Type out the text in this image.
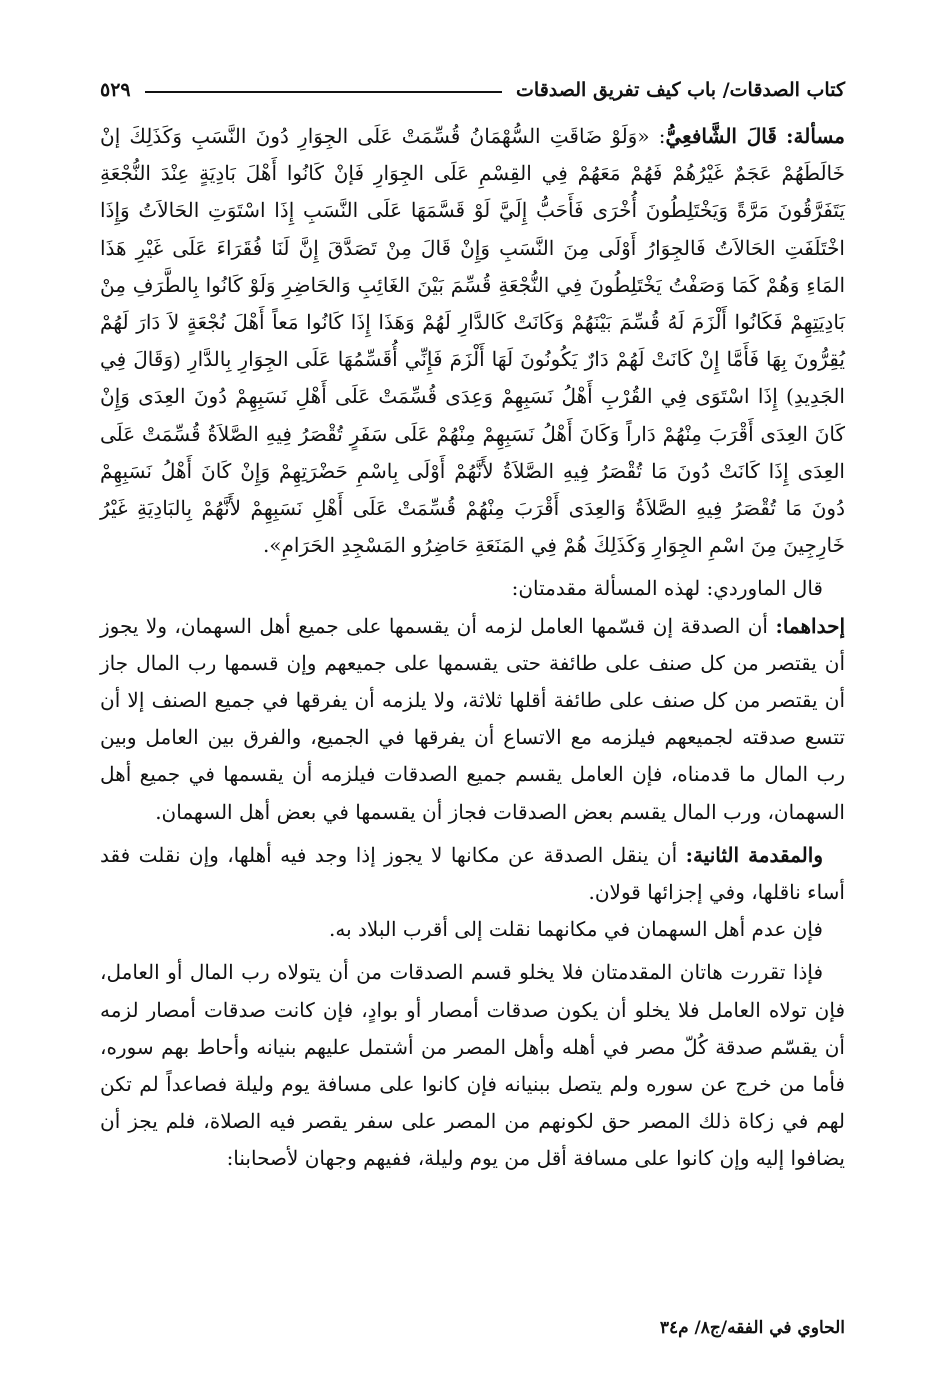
كتاب الصدقات/ باب كيف تفريق الصدقات
٥٢٩

مسألة: قَالَ الشَّافعِيُّ: «وَلَوْ ضَاقَتِ السُّهْمَانُ قُسِّمَتْ عَلَى الجِوَارِ دُونَ النَّسَبِ وَكَذَلِكَ إنْ خَالَطَهُمْ عَجَمٌ غَيْرُهُمْ فَهُمْ مَعَهُمْ فِي القِسْمِ عَلَى الجِوَارِ فَإنْ كَانُوا أَهْلَ بَادِيَةٍ عِنْدَ النُّجْعَةِ يَتَفَرَّقُونَ مَرَّةً وَيَخْتَلِطُونَ أُخْرَى فَأَحَبُّ إِلَيَّ لَوْ قَسَّمَهَا عَلَى النَّسَبِ إِذَا اسْتَوَتِ الحَالاَتُ وَإِذَا اخْتَلَفَتِ الحَالاَتُ فَالجِوَارُ أَوْلَى مِنَ النَّسَبِ وَإِنْ قَالَ مِنْ تَصَدَّقَ إِنَّ لَنَا فُقَرَاءَ عَلَى غَيْرِ هَذَا المَاءِ وَهُمْ كَمَا وَصَفْتُ يَخْتَلِطُونَ فِي النُّجْعَةِ قُسِّمَ بَيْنَ الغَائِبِ وَالحَاضِرِ وَلَوْ كَانُوا بِالطَّرَفِ مِنْ بَادِيَتِهِمْ فَكَانُوا أَلْزَمَ لَهُ قُسِّمَ بَيْنَهُمْ وَكَانَتْ كَالدَّارِ لَهُمْ وَهَذَا إِذَا كَانُوا مَعاً أَهْلَ نُجْعَةٍ لاَ دَارَ لَهُمْ يُقِرُّونَ بِهَا فَأَمَّا إِنْ كَانَتْ لَهُمْ دَارٌ يَكُونُونَ لَهَا أَلْزَمَ فَإِنِّي أُقَسِّمُهَا عَلَى الجِوَارِ بِالدَّارِ (وَقَالَ فِي الجَدِيدِ) إِذَا اسْتَوَى فِي القُرْبِ أَهْلُ نَسَبِهِمْ وَعِدَى قُسِّمَتْ عَلَى أَهْلِ نَسَبِهِمْ دُونَ العِدَى وَإِنْ كَانَ العِدَى أَقْرَبَ مِنْهُمْ دَاراً وَكَانَ أَهْلُ نَسَبِهِمْ مِنْهُمْ عَلَى سَفَرٍ تُقْصَرُ فِيهِ الصَّلاَةُ قُسِّمَتْ عَلَى العِدَى إِذَا كَانَتْ دُونَ مَا تُقْصَرُ فِيهِ الصَّلاَةُ لأَنَّهُمْ أَوْلَى بِاسْمِ حَضْرَتِهِمْ وَإِنْ كَانَ أَهْلُ نَسَبِهِمْ دُونَ مَا تُقْصَرُ فِيهِ الصَّلاَةُ وَالعِدَى أَقْرَبَ مِنْهُمْ قُسِّمَتْ عَلَى أَهْلِ نَسَبِهِمْ لأَنَّهُمْ بِالبَادِيَةِ غَيْرُ خَارِجِينَ مِنَ اسْمِ الجِوَارِ وَكَذَلِكَ هُمْ فِي المَنَعَةِ حَاضِرُو المَسْجِدِ الحَرَامِ».

قال الماوردي: لهذه المسألة مقدمتان:

إحداهما: أن الصدقة إن قسّمها العامل لزمه أن يقسمها على جميع أهل السهمان، ولا يجوز أن يقتصر من كل صنف على طائفة حتى يقسمها على جميعهم وإن قسمها رب المال جاز أن يقتصر من كل صنف على طائفة أقلها ثلاثة، ولا يلزمه أن يفرقها في جميع الصنف إلا أن تتسع صدقته لجميعهم فيلزمه مع الاتساع أن يفرقها في الجميع، والفرق بين العامل وبين رب المال ما قدمناه، فإن العامل يقسم جميع الصدقات فيلزمه أن يقسمها في جميع أهل السهمان، ورب المال يقسم بعض الصدقات فجاز أن يقسمها في بعض أهل السهمان.

والمقدمة الثانية: أن ينقل الصدقة عن مكانها لا يجوز إذا وجد فيه أهلها، وإن نقلت فقد أساء ناقلها، وفي إجزائها قولان.

فإن عدم أهل السهمان في مكانهما نقلت إلى أقرب البلاد به.

فإذا تقررت هاتان المقدمتان فلا يخلو قسم الصدقات من أن يتولاه رب المال أو العامل، فإن تولاه العامل فلا يخلو أن يكون صدقات أمصار أو بوادٍ، فإن كانت صدقات أمصار لزمه أن يقسّم صدقة كُلّ مصر في أهله وأهل المصر من أشتمل عليهم بنيانه وأحاط بهم سوره، فأما من خرج عن سوره ولم يتصل ببنيانه فإن كانوا على مسافة يوم وليلة فصاعداً لم تكن لهم في زكاة ذلك المصر حق لكونهم من المصر على سفر يقصر فيه الصلاة، فلم يجز أن يضافوا إليه وإن كانوا على مسافة أقل من يوم وليلة، ففيهم وجهان لأصحابنا:

الحاوي في الفقه/ج٨/ م٣٤
